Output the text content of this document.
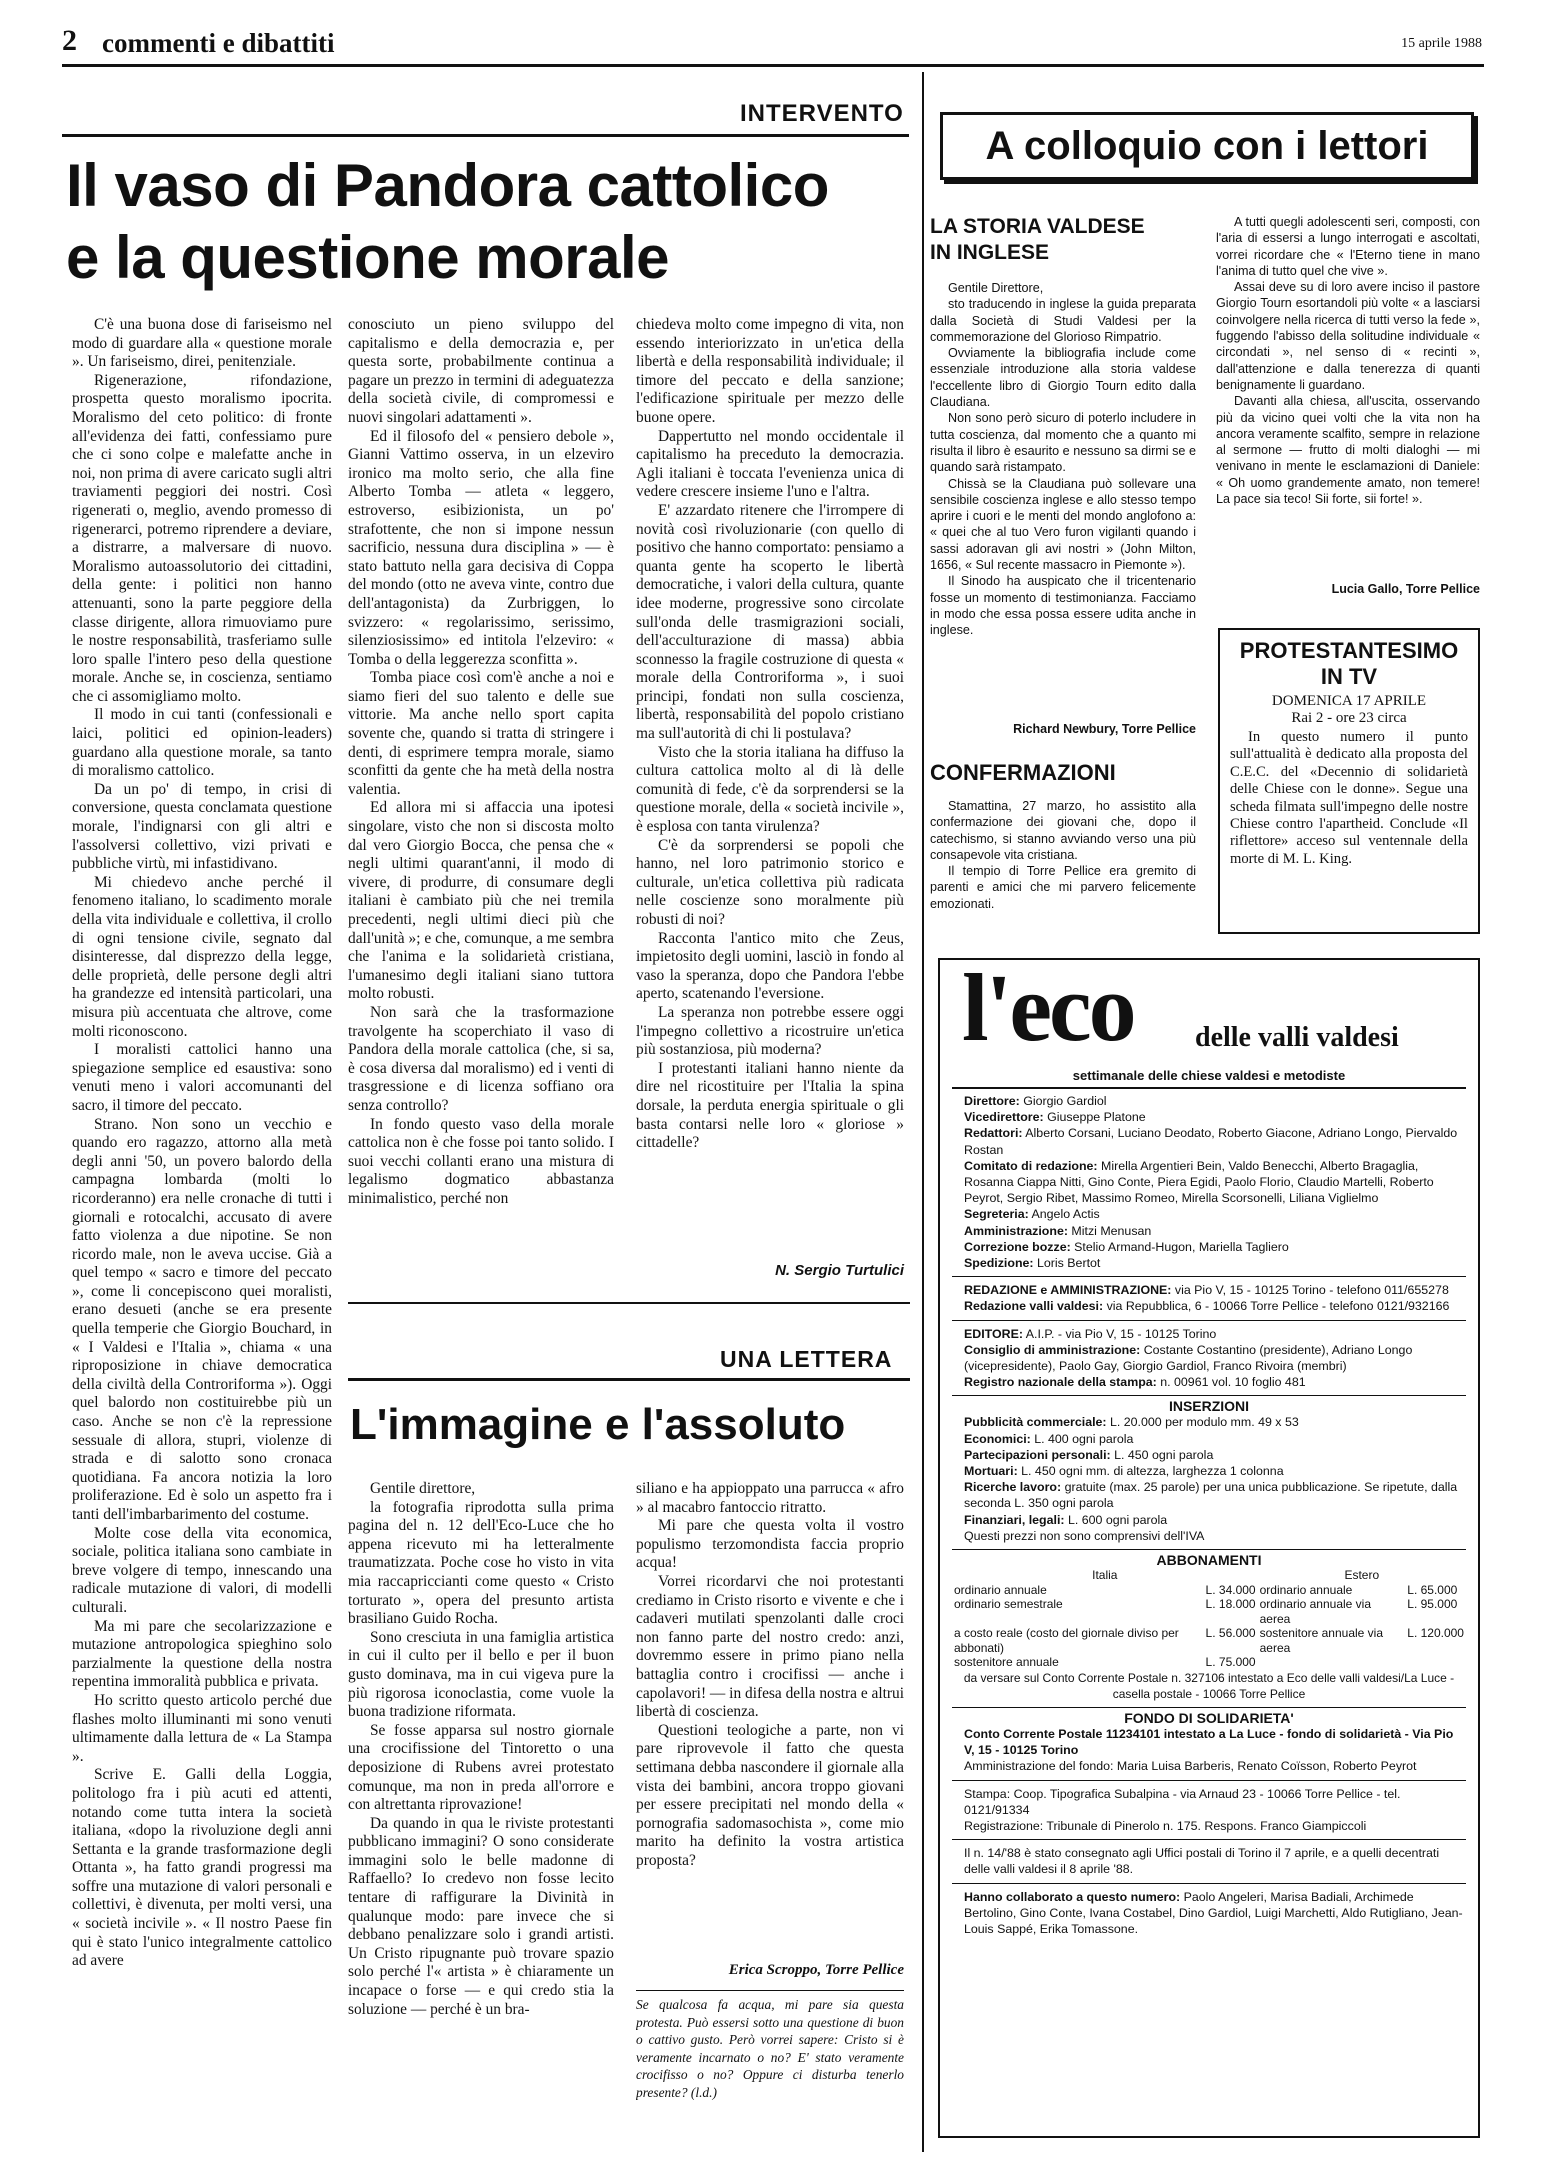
2 commenti e dibattiti	15 aprile 1988
INTERVENTO
Il vaso di Pandora cattolico
e la questione morale

C'è una buona dose di fariseismo nel modo di guardare alla « questione morale ». Un fariseismo, direi, penitenziale.

Rigenerazione, rifondazione, prospetta questo moralismo ipocrita. Moralismo del ceto politico: di fronte all'evidenza dei fatti, confessiamo pure che ci sono colpe e malefatte anche in noi, non prima di avere caricato sugli altri traviamenti peggiori dei nostri. Così rigenerati o, meglio, avendo promesso di rigenerarci, potremo riprendere a deviare, a distrarre, a malversare di nuovo. Moralismo autoassolutorio dei cittadini, della gente: i politici non hanno attenuanti, sono la parte peggiore della classe dirigente, allora rimuoviamo pure le nostre responsabilità, trasferiamo sulle loro spalle l'intero peso della questione morale. Anche se, in coscienza, sentiamo che ci assomigliamo molto.

Il modo in cui tanti (confessionali e laici, politici ed opinion-leaders) guardano alla questione morale, sa tanto di moralismo cattolico.

Da un po' di tempo, in crisi di conversione, questa conclamata questione morale, l'indignarsi con gli altri e l'assolversi collettivo, vizi privati e pubbliche virtù, mi infastidivano.

Mi chiedevo anche perché il fenomeno italiano, lo scadimento morale della vita individuale e collettiva, il crollo di ogni tensione civile, segnato dal disinteresse, dal disprezzo della legge, delle proprietà, delle persone degli altri ha grandezze ed intensità particolari, una misura più accentuata che altrove, come molti riconoscono.

I moralisti cattolici hanno una spiegazione semplice ed esaustiva: sono venuti meno i valori accomunanti del sacro, il timore del peccato.

Strano. Non sono un vecchio e quando ero ragazzo, attorno alla metà degli anni '50, un povero balordo della campagna lombarda (molti lo ricorderanno) era nelle cronache di tutti i giornali e rotocalchi, accusato di avere fatto violenza a due nipotine. Se non ricordo male, non le aveva uccise. Già a quel tempo « sacro e timore del peccato », come li concepiscono quei moralisti, erano desueti (anche se era presente quella temperie che Giorgio Bouchard, in « I Valdesi e l'Italia », chiama « una riproposizione in chiave democratica della civiltà della Controriforma »). Oggi quel balordo non costituirebbe più un caso. Anche se non c'è la repressione sessuale di allora, stupri, violenze di strada e di salotto sono cronaca quotidiana. Fa ancora notizia la loro proliferazione. Ed è solo un aspetto fra i tanti dell'imbarbarimento del costume.

Molte cose della vita economica, sociale, politica italiana sono cambiate in breve volgere di tempo, innescando una radicale mutazione di valori, di modelli culturali.

Ma mi pare che secolarizzazione e mutazione antropologica spieghino solo parzialmente la questione della nostra repentina immoralità pubblica e privata.

Ho scritto questo articolo perché due flashes molto illuminanti mi sono venuti ultimamente dalla lettura de « La Stampa ».

Scrive E. Galli della Loggia, politologo fra i più acuti ed attenti, notando come tutta intera la società italiana, «dopo la rivoluzione degli anni Settanta e la grande trasformazione degli Ottanta », ha fatto grandi progressi ma soffre una mutazione di valori personali e collettivi, è divenuta, per molti versi, una « società incivile ». « Il nostro Paese fin qui è stato l'unico integralmente cattolico ad avere

conosciuto un pieno sviluppo del capitalismo e della democrazia e, per questa sorte, probabilmente continua a pagare un prezzo in termini di adeguatezza della società civile, di compromessi e nuovi singolari adattamenti ».

Ed il filosofo del « pensiero debole », Gianni Vattimo osserva, in un elzeviro ironico ma molto serio, che alla fine Alberto Tomba — atleta « leggero, estroverso, esibizionista, un po' strafottente, che non si impone nessun sacrificio, nessuna dura disciplina » — è stato battuto nella gara decisiva di Coppa del mondo (otto ne aveva vinte, contro due dell'antagonista) da Zurbriggen, lo svizzero: « regolarissimo, serissimo, silenziosissimo» ed intitola l'elzeviro: « Tomba o della leggerezza sconfitta ».

Tomba piace così com'è anche a noi e siamo fieri del suo talento e delle sue vittorie. Ma anche nello sport capita sovente che, quando si tratta di stringere i denti, di esprimere tempra morale, siamo sconfitti da gente che ha metà della nostra valentia.

Ed allora mi si affaccia una ipotesi singolare, visto che non si discosta molto dal vero Giorgio Bocca, che pensa che « negli ultimi quarant'anni, il modo di vivere, di produrre, di consumare degli italiani è cambiato più che nei tremila precedenti, negli ultimi dieci più che dall'unità »; e che, comunque, a me sembra che l'anima e la solidarietà cristiana, l'umanesimo degli italiani siano tuttora molto robusti.

Non sarà che la trasformazione travolgente ha scoperchiato il vaso di Pandora della morale cattolica (che, si sa, è cosa diversa dal moralismo) ed i venti di trasgressione e di licenza soffiano ora senza controllo?

In fondo questo vaso della morale cattolica non è che fosse poi tanto solido. I suoi vecchi collanti erano una mistura di legalismo dogmatico abbastanza minimalistico, perché non

chiedeva molto come impegno di vita, non essendo interiorizzato in un'etica della libertà e della responsabilità individuale; il timore del peccato e della sanzione; l'edificazione spirituale per mezzo delle buone opere.

Dappertutto nel mondo occidentale il capitalismo ha preceduto la democrazia. Agli italiani è toccata l'evenienza unica di vedere crescere insieme l'uno e l'altra.

E' azzardato ritenere che l'irrompere di novità così rivoluzionarie (con quello di positivo che hanno comportato: pensiamo a quanta gente ha scoperto le libertà democratiche, i valori della cultura, quante idee moderne, progressive sono circolate sull'onda delle trasmigrazioni sociali, dell'acculturazione di massa) abbia sconnesso la fragile costruzione di questa « morale della Controriforma », i suoi principi, fondati non sulla coscienza, libertà, responsabilità del popolo cristiano ma sull'autorità di chi li postulava?

Visto che la storia italiana ha diffuso la cultura cattolica molto al di là delle comunità di fede, c'è da sorprendersi se la questione morale, della « società incivile », è esplosa con tanta virulenza?

C'è da sorprendersi se popoli che hanno, nel loro patrimonio storico e culturale, un'etica collettiva più radicata nelle coscienze sono moralmente più robusti di noi?

Racconta l'antico mito che Zeus, impietosito degli uomini, lasciò in fondo al vaso la speranza, dopo che Pandora l'ebbe aperto, scatenando l'eversione.

La speranza non potrebbe essere oggi l'impegno collettivo a ricostruire un'etica più sostanziosa, più moderna?

I protestanti italiani hanno niente da dire nel ricostituire per l'Italia la spina dorsale, la perduta energia spirituale o gli basta contarsi nelle loro « gloriose » cittadelle?

N. Sergio Turtulici
UNA LETTERA
L'immagine e l'assoluto

Gentile direttore,

la fotografia riprodotta sulla prima pagina del n. 12 dell'Eco-Luce che ho appena ricevuto mi ha letteralmente traumatizzata. Poche cose ho visto in vita mia raccapriccianti come questo « Cristo torturato », opera del presunto artista brasiliano Guido Rocha.

Sono cresciuta in una famiglia artistica in cui il culto per il bello e per il buon gusto dominava, ma in cui vigeva pure la più rigorosa iconoclastia, come vuole la buona tradizione riformata.

Se fosse apparsa sul nostro giornale una crocifissione del Tintoretto o una deposizione di Rubens avrei protestato comunque, ma non in preda all'orrore e con altrettanta riprovazione!

Da quando in qua le riviste protestanti pubblicano immagini? O sono considerate immagini solo le belle madonne di Raffaello? Io credevo non fosse lecito tentare di raffigurare la Divinità in qualunque modo: pare invece che si debbano penalizzare solo i grandi artisti. Un Cristo ripugnante può trovare spazio solo perché l'« artista » è chiaramente un incapace o forse — e qui credo stia la soluzione — perché è un bra-

siliano e ha appioppato una parrucca « afro » al macabro fantoccio ritratto.

Mi pare che questa volta il vostro populismo terzomondista faccia proprio acqua!

Vorrei ricordarvi che noi protestanti crediamo in Cristo risorto e vivente e che i cadaveri mutilati spenzolanti dalle croci non fanno parte del nostro credo: anzi, dovremmo essere in primo piano nella battaglia contro i crocifissi — anche i capolavori! — in difesa della nostra e altrui libertà di coscienza.

Questioni teologiche a parte, non vi pare riprovevole il fatto che questa settimana debba nascondere il giornale alla vista dei bambini, ancora troppo giovani per essere precipitati nel mondo della « pornografia sadomasochista », come mio marito ha definito la vostra artistica proposta?

Erica Scroppo, Torre Pellice
Se qualcosa fa acqua, mi pare sia questa protesta. Può essersi sotto una questione di buon o cattivo gusto. Però vorrei sapere: Cristo si è veramente incarnato o no? E' stato veramente crocifisso o no? Oppure ci disturba tenerlo presente? (l.d.)
A colloquio con i lettori
LA STORIA VALDESE
IN INGLESE

Gentile Direttore,

sto traducendo in inglese la guida preparata dalla Società di Studi Valdesi per la commemorazione del Glorioso Rimpatrio.

Ovviamente la bibliografia include come essenziale introduzione alla storia valdese l'eccellente libro di Giorgio Tourn edito dalla Claudiana.

Non sono però sicuro di poterlo includere in tutta coscienza, dal momento che a quanto mi risulta il libro è esaurito e nessuno sa dirmi se e quando sarà ristampato.

Chissà se la Claudiana può sollevare una sensibile coscienza inglese e allo stesso tempo aprire i cuori e le menti del mondo anglofono a: « quei che al tuo Vero furon vigilanti quando i sassi adoravan gli avi nostri » (John Milton, 1656, « Sul recente massacro in Piemonte »).

Il Sinodo ha auspicato che il tricentenario fosse un momento di testimonianza. Facciamo in modo che essa possa essere udita anche in inglese.

Richard Newbury, Torre Pellice

A tutti quegli adolescenti seri, composti, con l'aria di essersi a lungo interrogati e ascoltati, vorrei ricordare che « l'Eterno tiene in mano l'anima di tutto quel che vive ».

Assai deve su di loro avere inciso il pastore Giorgio Tourn esortandoli più volte « a lasciarsi coinvolgere nella ricerca di tutti verso la fede », fuggendo l'abisso della solitudine individuale « circondati », nel senso di « recinti », dall'attenzione e dalla tenerezza di quanti benignamente li guardano.

Davanti alla chiesa, all'uscita, osservando più da vicino quei volti che la vita non ha ancora veramente scalfito, sempre in relazione al sermone — frutto di molti dialoghi — mi venivano in mente le esclamazioni di Daniele: « Oh uomo grandemente amato, non temere! La pace sia teco! Sii forte, sii forte! ».

Lucia Gallo, Torre Pellice
CONFERMAZIONI

Stamattina, 27 marzo, ho assistito alla confermazione dei giovani che, dopo il catechismo, si stanno avviando verso una più consapevole vita cristiana.

Il tempio di Torre Pellice era gremito di parenti e amici che mi parvero felicemente emozionati.

PROTESTANTESIMO
IN TV
DOMENICA 17 APRILE
Rai 2 - ore 23 circa
In questo numero il punto sull'attualità è dedicato alla proposta del C.E.C. del «Decennio di solidarietà delle Chiese con le donne». Segue una scheda filmata sull'impegno delle nostre Chiese contro l'apartheid. Conclude «Il riflettore» acceso sul ventennale della morte di M. L. King.
l'eco delle valli valdesi
settimanale delle chiese valdesi e metodiste
Direttore: Giorgio Gardiol
Vicedirettore: Giuseppe Platone
Redattori: Alberto Corsani, Luciano Deodato, Roberto Giacone, Adriano Longo, Piervaldo Rostan
Comitato di redazione: Mirella Argentieri Bein, Valdo Benecchi, Alberto Bragaglia, Rosanna Ciappa Nitti, Gino Conte, Piera Egidi, Paolo Florio, Claudio Martelli, Roberto Peyrot, Sergio Ribet, Massimo Romeo, Mirella Scorsonelli, Liliana Viglielmo
Segreteria: Angelo Actis
Amministrazione: Mitzi Menusan
Correzione bozze: Stelio Armand-Hugon, Mariella Tagliero
Spedizione: Loris Bertot
REDAZIONE e AMMINISTRAZIONE: via Pio V, 15 - 10125 Torino - telefono 011/655278
Redazione valli valdesi: via Repubblica, 6 - 10066 Torre Pellice - telefono 0121/932166
EDITORE: A.I.P. - via Pio V, 15 - 10125 Torino
Consiglio di amministrazione: Costante Costantino (presidente), Adriano Longo (vicepresidente), Paolo Gay, Giorgio Gardiol, Franco Rivoira (membri)
Registro nazionale della stampa: n. 00961 vol. 10 foglio 481
INSERZIONI
Pubblicità commerciale: L. 20.000 per modulo mm. 49 x 53
Economici: L. 400 ogni parola
Partecipazioni personali: L. 450 ogni parola
Mortuari: L. 450 ogni mm. di altezza, larghezza 1 colonna
Ricerche lavoro: gratuite (max. 25 parole) per una unica pubblicazione. Se ripetute, dalla seconda L. 350 ogni parola
Finanziari, legali: L. 600 ogni parola
Questi prezzi non sono comprensivi dell'IVA
ABBONAMENTI
Italia		Estero	
ordinario annuale	L. 34.000	ordinario annuale	L. 65.000
ordinario semestrale	L. 18.000	ordinario annuale via aerea	L. 95.000
a costo reale (costo del giornale diviso per abbonati)	L. 56.000	sostenitore annuale via aerea	L. 120.000
sostenitore annuale	L. 75.000		
da versare sul Conto Corrente Postale n. 327106 intestato a Eco delle valli valdesi/La Luce - casella postale - 10066 Torre Pellice
FONDO DI SOLIDARIETA'
Conto Corrente Postale 11234101 intestato a La Luce - fondo di solidarietà - Via Pio V, 15 - 10125 Torino
Amministrazione del fondo: Maria Luisa Barberis, Renato Coïsson, Roberto Peyrot
Stampa: Coop. Tipografica Subalpina - via Arnaud 23 - 10066 Torre Pellice - tel. 0121/91334
Registrazione: Tribunale di Pinerolo n. 175. Respons. Franco Giampiccoli
Il n. 14/'88 è stato consegnato agli Uffici postali di Torino il 7 aprile, e a quelli decentrati delle valli valdesi il 8 aprile '88.
Hanno collaborato a questo numero: Paolo Angeleri, Marisa Badiali, Archimede Bertolino, Gino Conte, Ivana Costabel, Dino Gardiol, Luigi Marchetti, Aldo Rutigliano, Jean-Louis Sappé, Erika Tomassone.
